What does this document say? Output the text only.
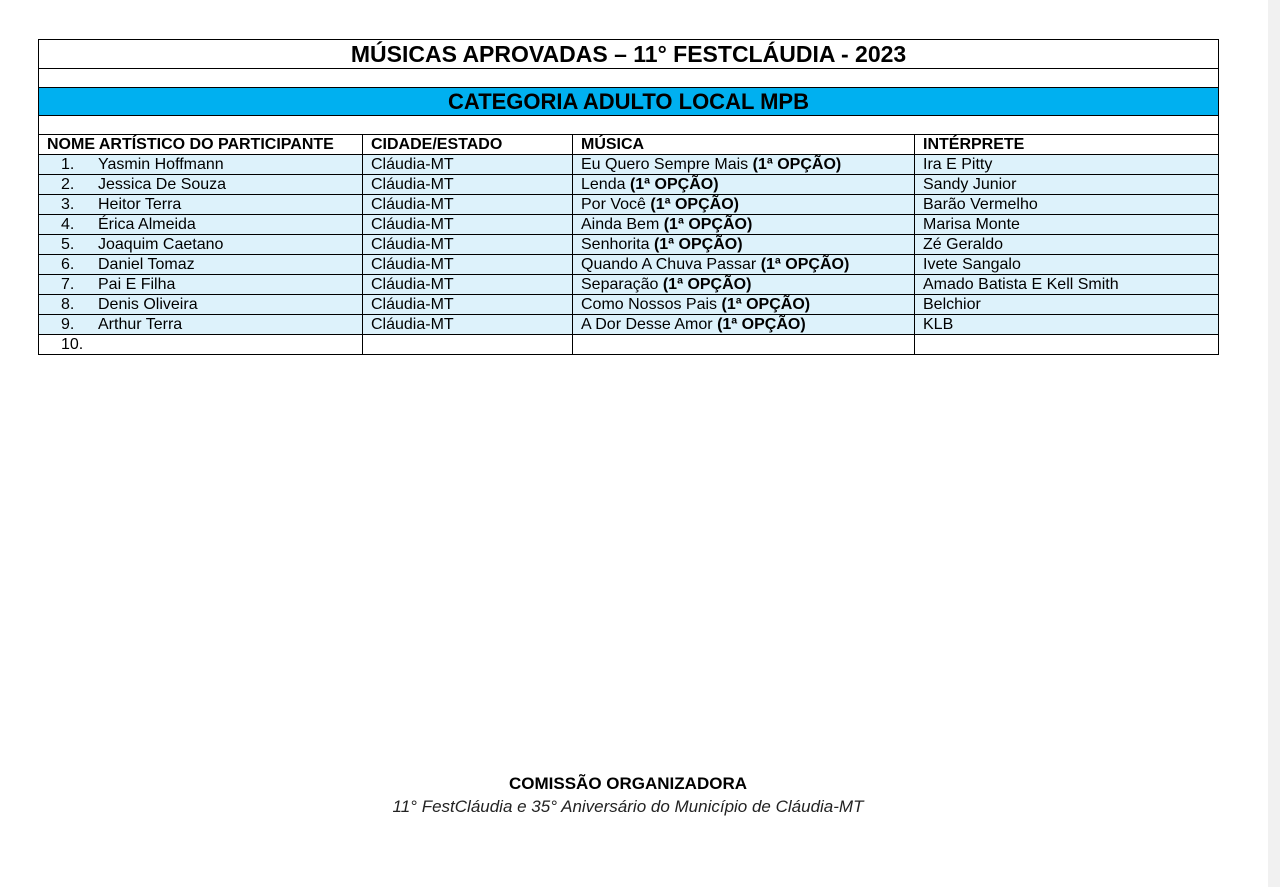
MÚSICAS APROVADAS – 11° FESTCLÁUDIA - 2023			

CATEGORIA ADULTO LOCAL MPB			

NOME ARTÍSTICO DO PARTICIPANTE	CIDADE/ESTADO	MÚSICA	INTÉRPRETE
1. Yasmin Hoffmann	Cláudia-MT	Eu Quero Sempre Mais (1ª OPÇÃO)	Ira E Pitty
2. Jessica De Souza	Cláudia-MT	Lenda (1ª OPÇÃO)	Sandy Junior
3. Heitor Terra	Cláudia-MT	Por Você (1ª OPÇÃO)	Barão Vermelho
4. Érica Almeida	Cláudia-MT	Ainda Bem (1ª OPÇÃO)	Marisa Monte
5. Joaquim Caetano	Cláudia-MT	Senhorita (1ª OPÇÃO)	Zé Geraldo
6. Daniel Tomaz	Cláudia-MT	Quando A Chuva Passar (1ª OPÇÃO)	Ivete Sangalo
7. Pai E Filha	Cláudia-MT	Separação (1ª OPÇÃO)	Amado Batista E Kell Smith
8. Denis Oliveira	Cláudia-MT	Como Nossos Pais (1ª OPÇÃO)	Belchior
9. Arthur Terra	Cláudia-MT	A Dor Desse Amor (1ª OPÇÃO)	KLB
10.			
COMISSÃO ORGANIZADORA
11° FestCláudia e 35° Aniversário do Município de Cláudia-MT
